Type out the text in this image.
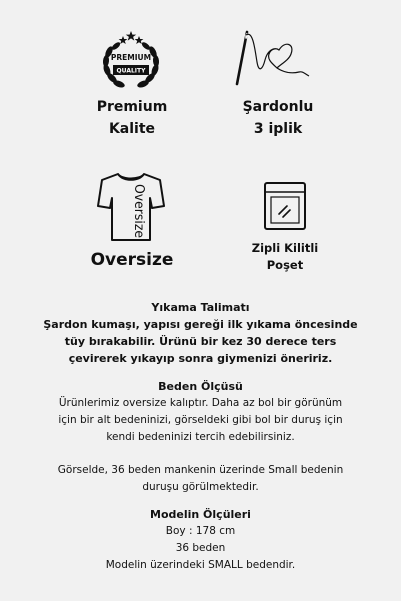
PREMIUM
QUALITY
Premium
Kalite
Şardonlu
3 iplik
Oversize
Oversize
Zipli Kilitli
Poşet
Yıkama Talimatı
Şardon kumaşı, yapısı gereği ilk yıkama öncesinde
tüy bırakabilir. Ürünü bir kez 30 derece ters
çevirerek yıkayıp sonra giymenizi öneririz.
Beden Ölçüsü
Ürünlerimiz oversize kalıptır. Daha az bol bir görünüm
için bir alt bedeninizi, görseldeki gibi bol bir duruş için
kendi bedeninizi tercih edebilirsiniz.
Görselde, 36 beden mankenin üzerinde Small bedenin
duruşu görülmektedir.
Modelin Ölçüleri
Boy : 178 cm
36 beden
Modelin üzerindeki SMALL bedendir.
